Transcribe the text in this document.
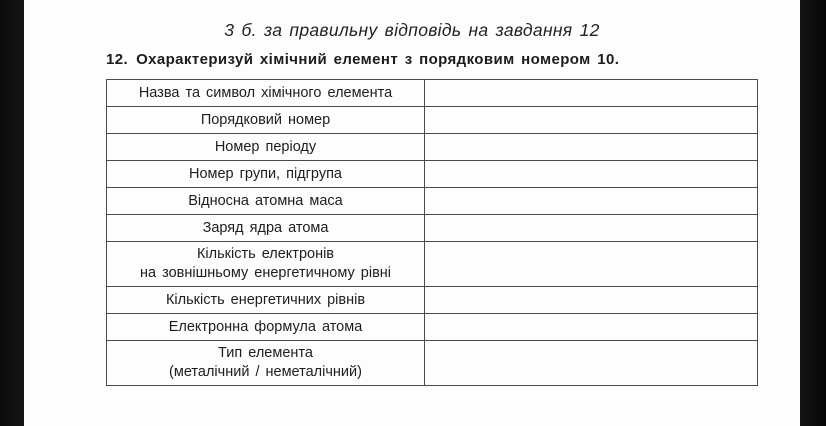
3 б. за правильну відповідь на завдання 12
12. Охарактеризуй хімічний елемент з порядковим номером 10.
Назва та символ хімічного елемента	

Порядковий номер	

Номер періоду	

Номер групи, підгрупа	

Відносна атомна маса	

Заряд ядра атома	

Кількість електронів
на зовнішньому енергетичному рівні	

Кількість енергетичних рівнів	

Електронна формула атома	

Тип елемента
(металічний / неметалічний)	
